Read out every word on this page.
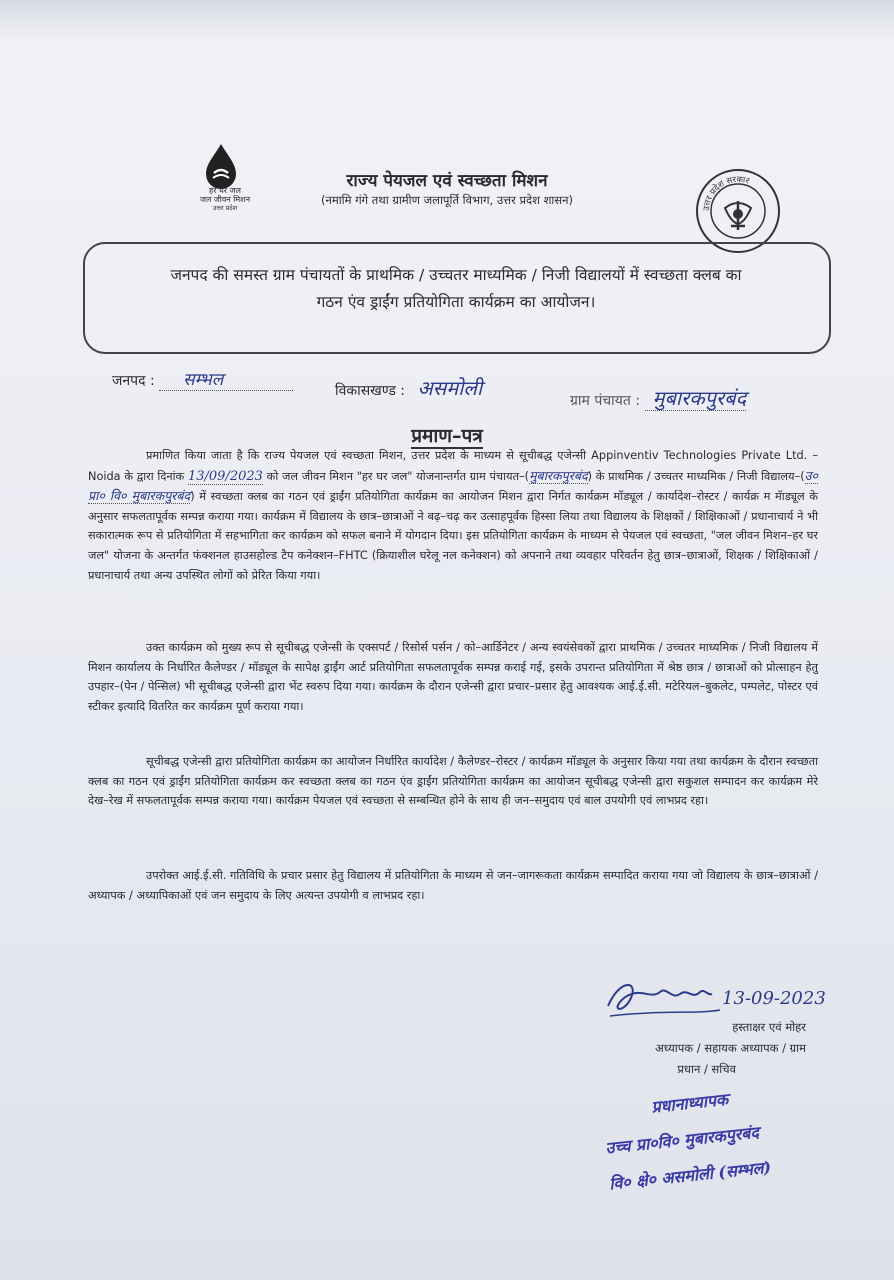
हर घर जल
जल जीवन मिशन
उत्तर प्रदेश
राज्य पेयजल एवं स्वच्छता मिशन
(नमामि गंगे तथा ग्रामीण जलापूर्ति विभाग, उत्तर प्रदेश शासन)
उत्तर प्रदेश सरकार
जनपद की समस्त ग्राम पंचायतों के प्राथमिक / उच्चतर माध्यमिक / निजी विद्यालयों में स्वच्छता क्लब का
गठन एंव ड्राईंग प्रतियोगिता कार्यक्रम का आयोजन।
जनपद : सम्भल
विकासखण्ड : असमोली
ग्राम पंचायत : मुबारकपुरबंद
प्रमाण–पत्र
प्रमाणित किया जाता है कि राज्य पेयजल एवं स्वच्छता मिशन, उत्तर प्रदेश के माध्यम से सूचीबद्ध एजेन्सी Appinventiv Technologies Private Ltd. – Noida के द्वारा दिनांक 13/09/2023 को जल जीवन मिशन "हर घर जल" योजनान्तर्गत ग्राम पंचायत–(मुबारकपुरबंद) के प्राथमिक / उच्चतर माध्यमिक / निजी विद्यालय–(उ० प्रा० वि० मुबारकपुरबंद) में स्वच्छता क्लब का गठन एवं ड्राईंग प्रतियोगिता कार्यक्रम का आयोजन मिशन द्वारा निर्गत कार्यक्रम मॉड्यूल / कार्यादेश–रोस्टर / कार्यक्र म मॅाड्यूल के अनुसार सफलतापूर्वक सम्पन्न कराया गया। कार्यक्रम में विद्यालय के छात्र–छात्राओं ने बढ़–चढ़ कर उत्साहपूर्वक हिस्सा लिया तथा विद्यालय के शिक्षकों / शिक्षिकाओं / प्रधानाचार्य ने भी सकारात्मक रूप से प्रतियोगिता में सहभागिता कर कार्यक्रम को सफल बनाने में योगदान दिया। इस प्रतियोगिता कार्यक्रम के माध्यम से पेयजल एवं स्वच्छता, "जल जीवन मिशन–हर घर जल" योजना के अन्तर्गत फंक्शनल हाउसहोल्ड टैप कनेक्शन–FHTC (क्रियाशील घरेलू नल कनेक्शन) को अपनाने तथा व्यवहार परिवर्तन हेतु छात्र–छात्राओं, शिक्षक / शिक्षिकाओं / प्रधानाचार्य तथा अन्य उपस्थित लोगों को प्रेरित किया गया।
उक्त कार्यक्रम को मुख्य रूप से सूचीबद्ध एजेन्सी के एक्सपर्ट / रिसोर्स पर्सन / को–आर्डिनेटर / अन्य स्वयंसेवकों द्वारा प्राथमिक / उच्चतर माध्यमिक / निजी विद्यालय में मिशन कार्यालय के निर्धारित कैलेण्डर / मॉड्यूल के सापेक्ष ड्राईंग आर्ट प्रतियोगिता सफलतापूर्वक सम्पन्न कराई गई, इसके उपरान्त प्रतियोगिता में श्रेष्ठ छात्र / छात्राओं को प्रोत्साहन हेतु उपहार–(पेन / पेन्सिल) भी सूचीबद्ध एजेन्सी द्वारा भेंट स्वरुप दिया गया। कार्यक्रम के दौरान एजेन्सी द्वारा प्रचार–प्रसार हेतु आवश्यक आई.ई.सी. मटेरियल–बुकलेट, पम्पलेट, पोस्टर एवं स्टीकर इत्यादि वितरित कर कार्यक्रम पूर्ण कराया गया।
सूचीबद्ध एजेन्सी द्वारा प्रतियोगिता कार्यक्रम का आयोजन निर्धारित कार्यादेश / कैलेण्डर–रोस्टर / कार्यक्रम मॉड्यूल के अनुसार किया गया तथा कार्यक्रम के दौरान स्वच्छता क्लब का गठन एवं ड्राईंग प्रतियोगिता कार्यक्रम कर स्वच्छता क्लब का गठन एंव ड्राईंग प्रतियोगिता कार्यक्रम का आयोजन सूचीबद्ध एजेन्सी द्वारा सकुशल सम्पादन कर कार्यक्रम मेरे देख–रेख में सफलतापूर्वक सम्पन्न कराया गया। कार्यक्रम पेयजल एवं स्वच्छता से सम्बन्धित होने के साथ ही जन–समुदाय एवं बाल उपयोगी एवं लाभप्रद रहा।
उपरोक्त आई.ई.सी. गतिविधि के प्रचार प्रसार हेतु विद्यालय में प्रतियोगिता के माध्यम से जन–जागरूकता कार्यक्रम सम्पादित कराया गया जो विद्यालय के छात्र–छात्राओं / अध्यापक / अध्यापिकाओं एवं जन समुदाय के लिए अत्यन्त उपयोगी व लाभप्रद रहा।
13-09-2023
हस्ताक्षर एवं मोहर
अध्यापक / सहायक अध्यापक / ग्राम
प्रधान / सचिव
प्रधानाध्यापक
उच्च प्रा०वि० मुबारकपुरबंद
वि० क्षे० असमोली (सम्भल)
